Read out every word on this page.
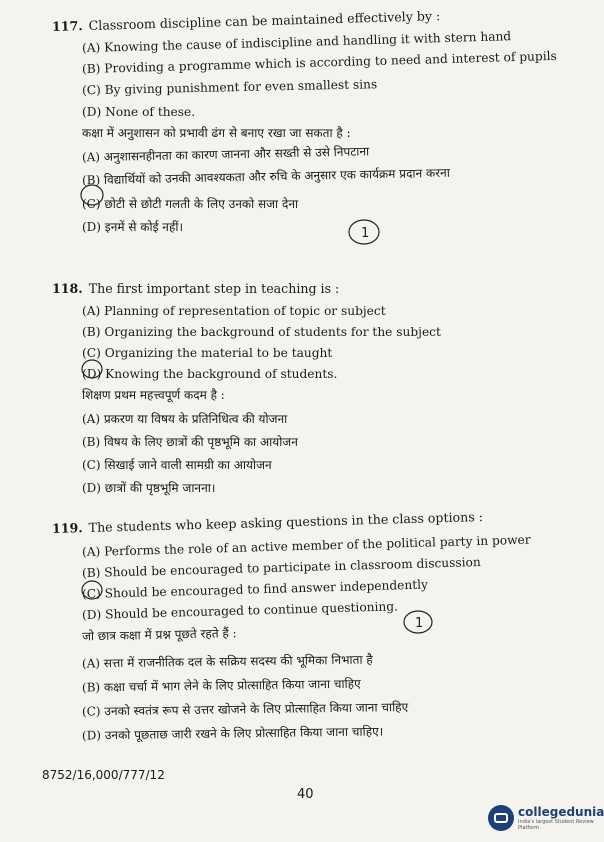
117. Classroom discipline can be maintained effectively by :
(A) Knowing the cause of indiscipline and handling it with stern hand
(B) Providing a programme which is according to need and interest of pupils
(C) By giving punishment for even smallest sins
(D) None of these.
कक्षा में अनुशासन को प्रभावी ढंग से बनाए रखा जा सकता है :
(A) अनुशासनहीनता का कारण जानना और सख्ती से उसे निपटाना
(B) विद्यार्थियों को उनकी आवश्यकता और रुचि के अनुसार एक कार्यक्रम प्रदान करना
(C) छोटी से छोटी गलती के लिए उनको सजा देना
(D) इनमें से कोई नहीं।
118. The first important step in teaching is :
(A) Planning of representation of topic or subject
(B) Organizing the background of students for the subject
(C) Organizing the material to be taught
(D) Knowing the background of students.
शिक्षण प्रथम महत्त्वपूर्ण कदम है :
(A) प्रकरण या विषय के प्रतिनिधित्व की योजना
(B) विषय के लिए छात्रों की पृष्ठभूमि का आयोजन
(C) सिखाई जाने वाली सामग्री का आयोजन
(D) छात्रों की पृष्ठभूमि जानना।
119. The students who keep asking questions in the class options :
(A) Performs the role of an active member of the political party in power
(B) Should be encouraged to participate in classroom discussion
(C) Should be encouraged to find answer independently
(D) Should be encouraged to continue questioning.
जो छात्र कक्षा में प्रश्न पूछते रहते हैं :
(A) सत्ता में राजनीतिक दल के सक्रिय सदस्य की भूमिका निभाता है
(B) कक्षा चर्चा में भाग लेने के लिए प्रोत्साहित किया जाना चाहिए
(C) उनको स्वतंत्र रूप से उत्तर खोजने के लिए प्रोत्साहित किया जाना चाहिए
(D) उनको पूछताछ जारी रखने के लिए प्रोत्साहित किया जाना चाहिए।
1
1
8752/16,000/777/12
40
collegedunia
India's largest Student Review Platform
